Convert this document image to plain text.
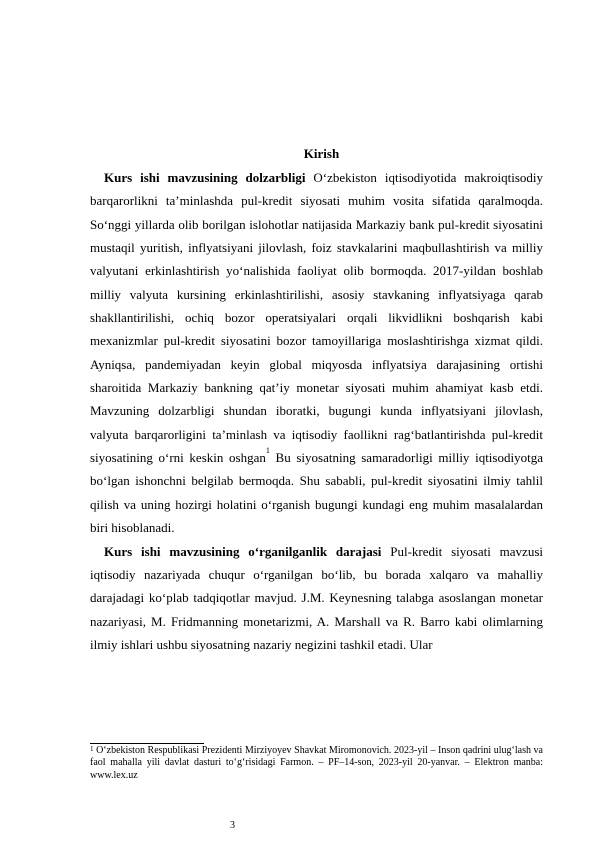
Kirish

Kurs ishi mavzusining dolzarbligi O‘zbekiston iqtisodiyotida makroiqtisodiy barqarorlikni ta’minlashda pul-kredit siyosati muhim vosita sifatida qaralmoqda. So‘nggi yillarda olib borilgan islohotlar natijasida Markaziy bank pul-kredit siyosatini mustaqil yuritish, inflyatsiyani jilovlash, foiz stavkalarini maqbullashtirish va milliy valyutani erkinlashtirish yo‘nalishida faoliyat olib bormoqda. 2017-yildan boshlab milliy valyuta kursining erkinlashtirilishi, asosiy stavkaning inflyatsiyaga qarab shakllantirilishi, ochiq bozor operatsiyalari orqali likvidlikni boshqarish kabi mexanizmlar pul-kredit siyosatini bozor tamoyillariga moslashtirishga xizmat qildi. Ayniqsa, pandemiyadan keyin global miqyosda inflyatsiya darajasining ortishi sharoitida Markaziy bankning qat’iy monetar siyosati muhim ahamiyat kasb etdi. Mavzuning dolzarbligi shundan iboratki, bugungi kunda inflyatsiyani jilovlash, valyuta barqarorligini ta’minlash va iqtisodiy faollikni rag‘batlantirishda pul-kredit siyosatining o‘rni keskin oshgan$^1$ Bu siyosatning samaradorligi milliy iqtisodiyotga bo‘lgan ishonchni belgilab bermoqda. Shu sababli, pul-kredit siyosatini ilmiy tahlil qilish va uning hozirgi holatini o‘rganish bugungi kundagi eng muhim masalalardan biri hisoblanadi.

Kurs ishi mavzusining o‘rganilganlik darajasi Pul-kredit siyosati mavzusi iqtisodiy nazariyada chuqur o‘rganilgan bo‘lib, bu borada xalqaro va mahalliy darajadagi ko‘plab tadqiqotlar mavjud. J.M. Keynesning talabga asoslangan monetar nazariyasi, M. Fridmanning monetarizmi, A. Marshall va R. Barro kabi olimlarning ilmiy ishlari ushbu siyosatning nazariy negizini tashkil etadi. Ular

$^1$ O‘zbekiston Respublikasi Prezidenti Mirziyoyev Shavkat Miromonovich. 2023-yil – Inson qadrini ulug‘lash va faol mahalla yili davlat dasturi to‘g‘risidagi Farmon. – PF–14-son, 2023-yil 20-yanvar. – Elektron manba: www.lex.uz

3
